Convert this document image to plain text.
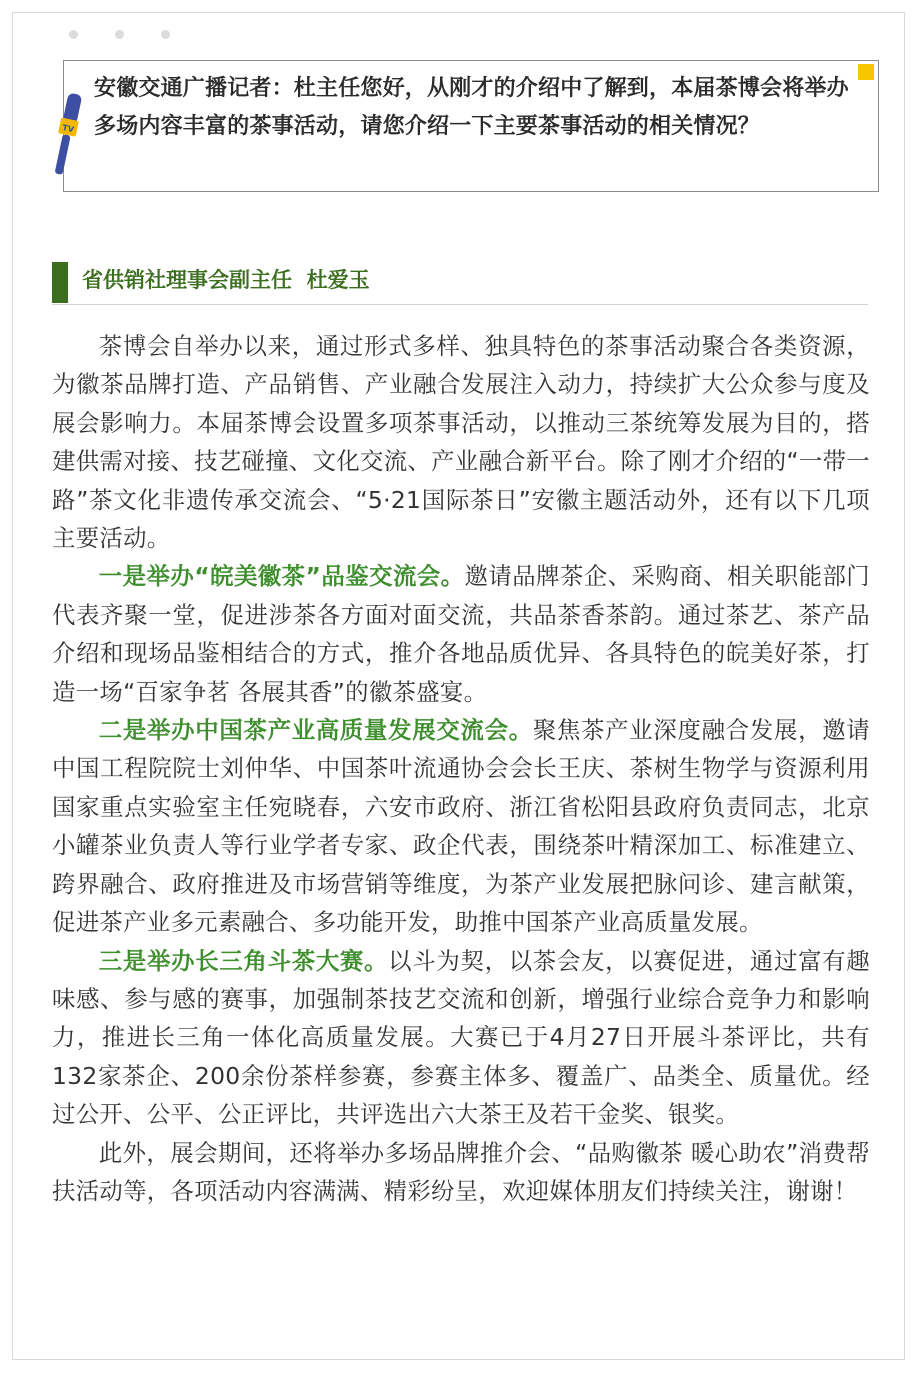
TV
安徽交通广播记者：杜主任您好，从刚才的介绍中了解到，本届茶博会将举办多场内容丰富的茶事活动，请您介绍一下主要茶事活动的相关情况？
省供销社理事会副主任  杜爱玉

茶博会自举办以来，通过形式多样、独具特色的茶事活动聚合各类资源，为徽茶品牌打造、产品销售、产业融合发展注入动力，持续扩大公众参与度及展会影响力。本届茶博会设置多项茶事活动，以推动三茶统筹发展为目的，搭建供需对接、技艺碰撞、文化交流、产业融合新平台。除了刚才介绍的“一带一路”茶文化非遗传承交流会、“5·21国际茶日”安徽主题活动外，还有以下几项主要活动。

一是举办“皖美徽茶”品鉴交流会。邀请品牌茶企、采购商、相关职能部门代表齐聚一堂，促进涉茶各方面对面交流，共品茶香茶韵。通过茶艺、茶产品介绍和现场品鉴相结合的方式，推介各地品质优异、各具特色的皖美好茶，打造一场“百家争茗 各展其香”的徽茶盛宴。

二是举办中国茶产业高质量发展交流会。聚焦茶产业深度融合发展，邀请中国工程院院士刘仲华、中国茶叶流通协会会长王庆、茶树生物学与资源利用国家重点实验室主任宛晓春，六安市政府、浙江省松阳县政府负责同志，北京小罐茶业负责人等行业学者专家、政企代表，围绕茶叶精深加工、标准建立、跨界融合、政府推进及市场营销等维度，为茶产业发展把脉问诊、建言献策，促进茶产业多元素融合、多功能开发，助推中国茶产业高质量发展。

三是举办长三角斗茶大赛。以斗为契，以茶会友，以赛促进，通过富有趣味感、参与感的赛事，加强制茶技艺交流和创新，增强行业综合竞争力和影响力，推进长三角一体化高质量发展。大赛已于4月27日开展斗茶评比，共有132家茶企、200余份茶样参赛，参赛主体多、覆盖广、品类全、质量优。经过公开、公平、公正评比，共评选出六大茶王及若干金奖、银奖。

此外，展会期间，还将举办多场品牌推介会、“品购徽茶 暖心助农”消费帮扶活动等，各项活动内容满满、精彩纷呈，欢迎媒体朋友们持续关注，谢谢！
